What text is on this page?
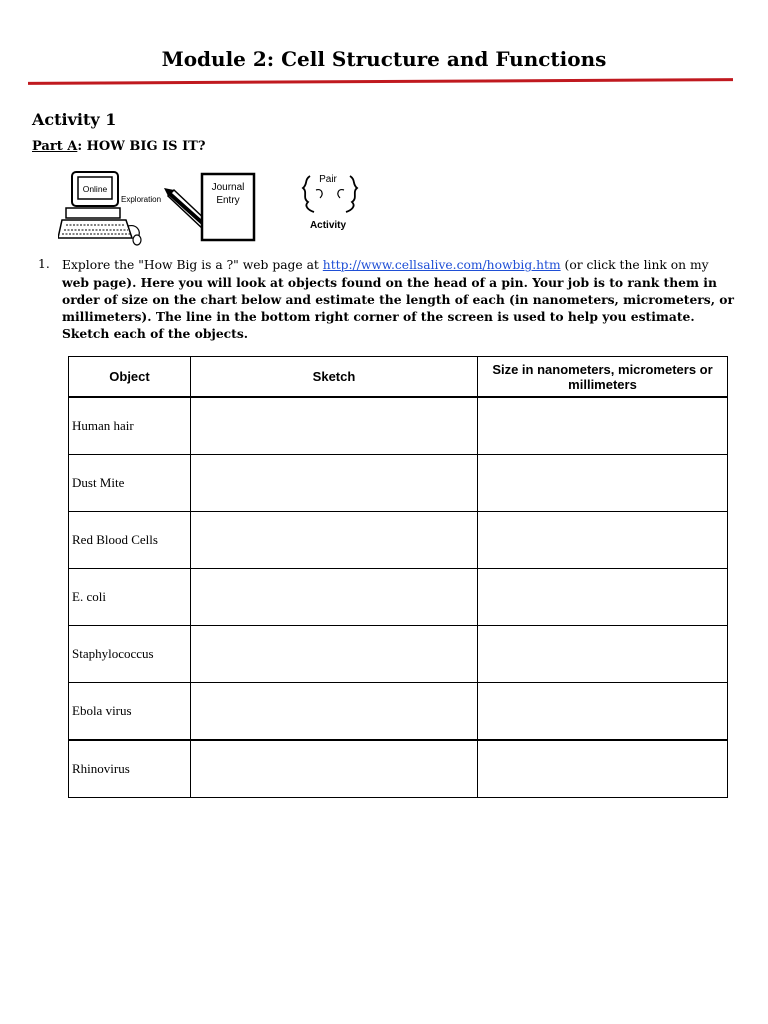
Module 2: Cell Structure and Functions
Activity 1
Part A: HOW BIG IS IT?
Online
Exploration
Journal
Entry
Pair
Activity
1. Explore the "How Big is a ?" web page at http://www.cellsalive.com/howbig.htm (or click the link on my web page). Here you will look at objects found on the head of a pin. Your job is to rank them in order of size on the chart below and estimate the length of each (in nanometers, micrometers, or millimeters). The line in the bottom right corner of the screen is used to help you estimate. Sketch each of the objects.
Object	Sketch	Size in nanometers, micrometers or millimeters
Human hair		
Dust Mite		
Red Blood Cells		
E. coli		
Staphylococcus		
Ebola virus		
Rhinovirus		
